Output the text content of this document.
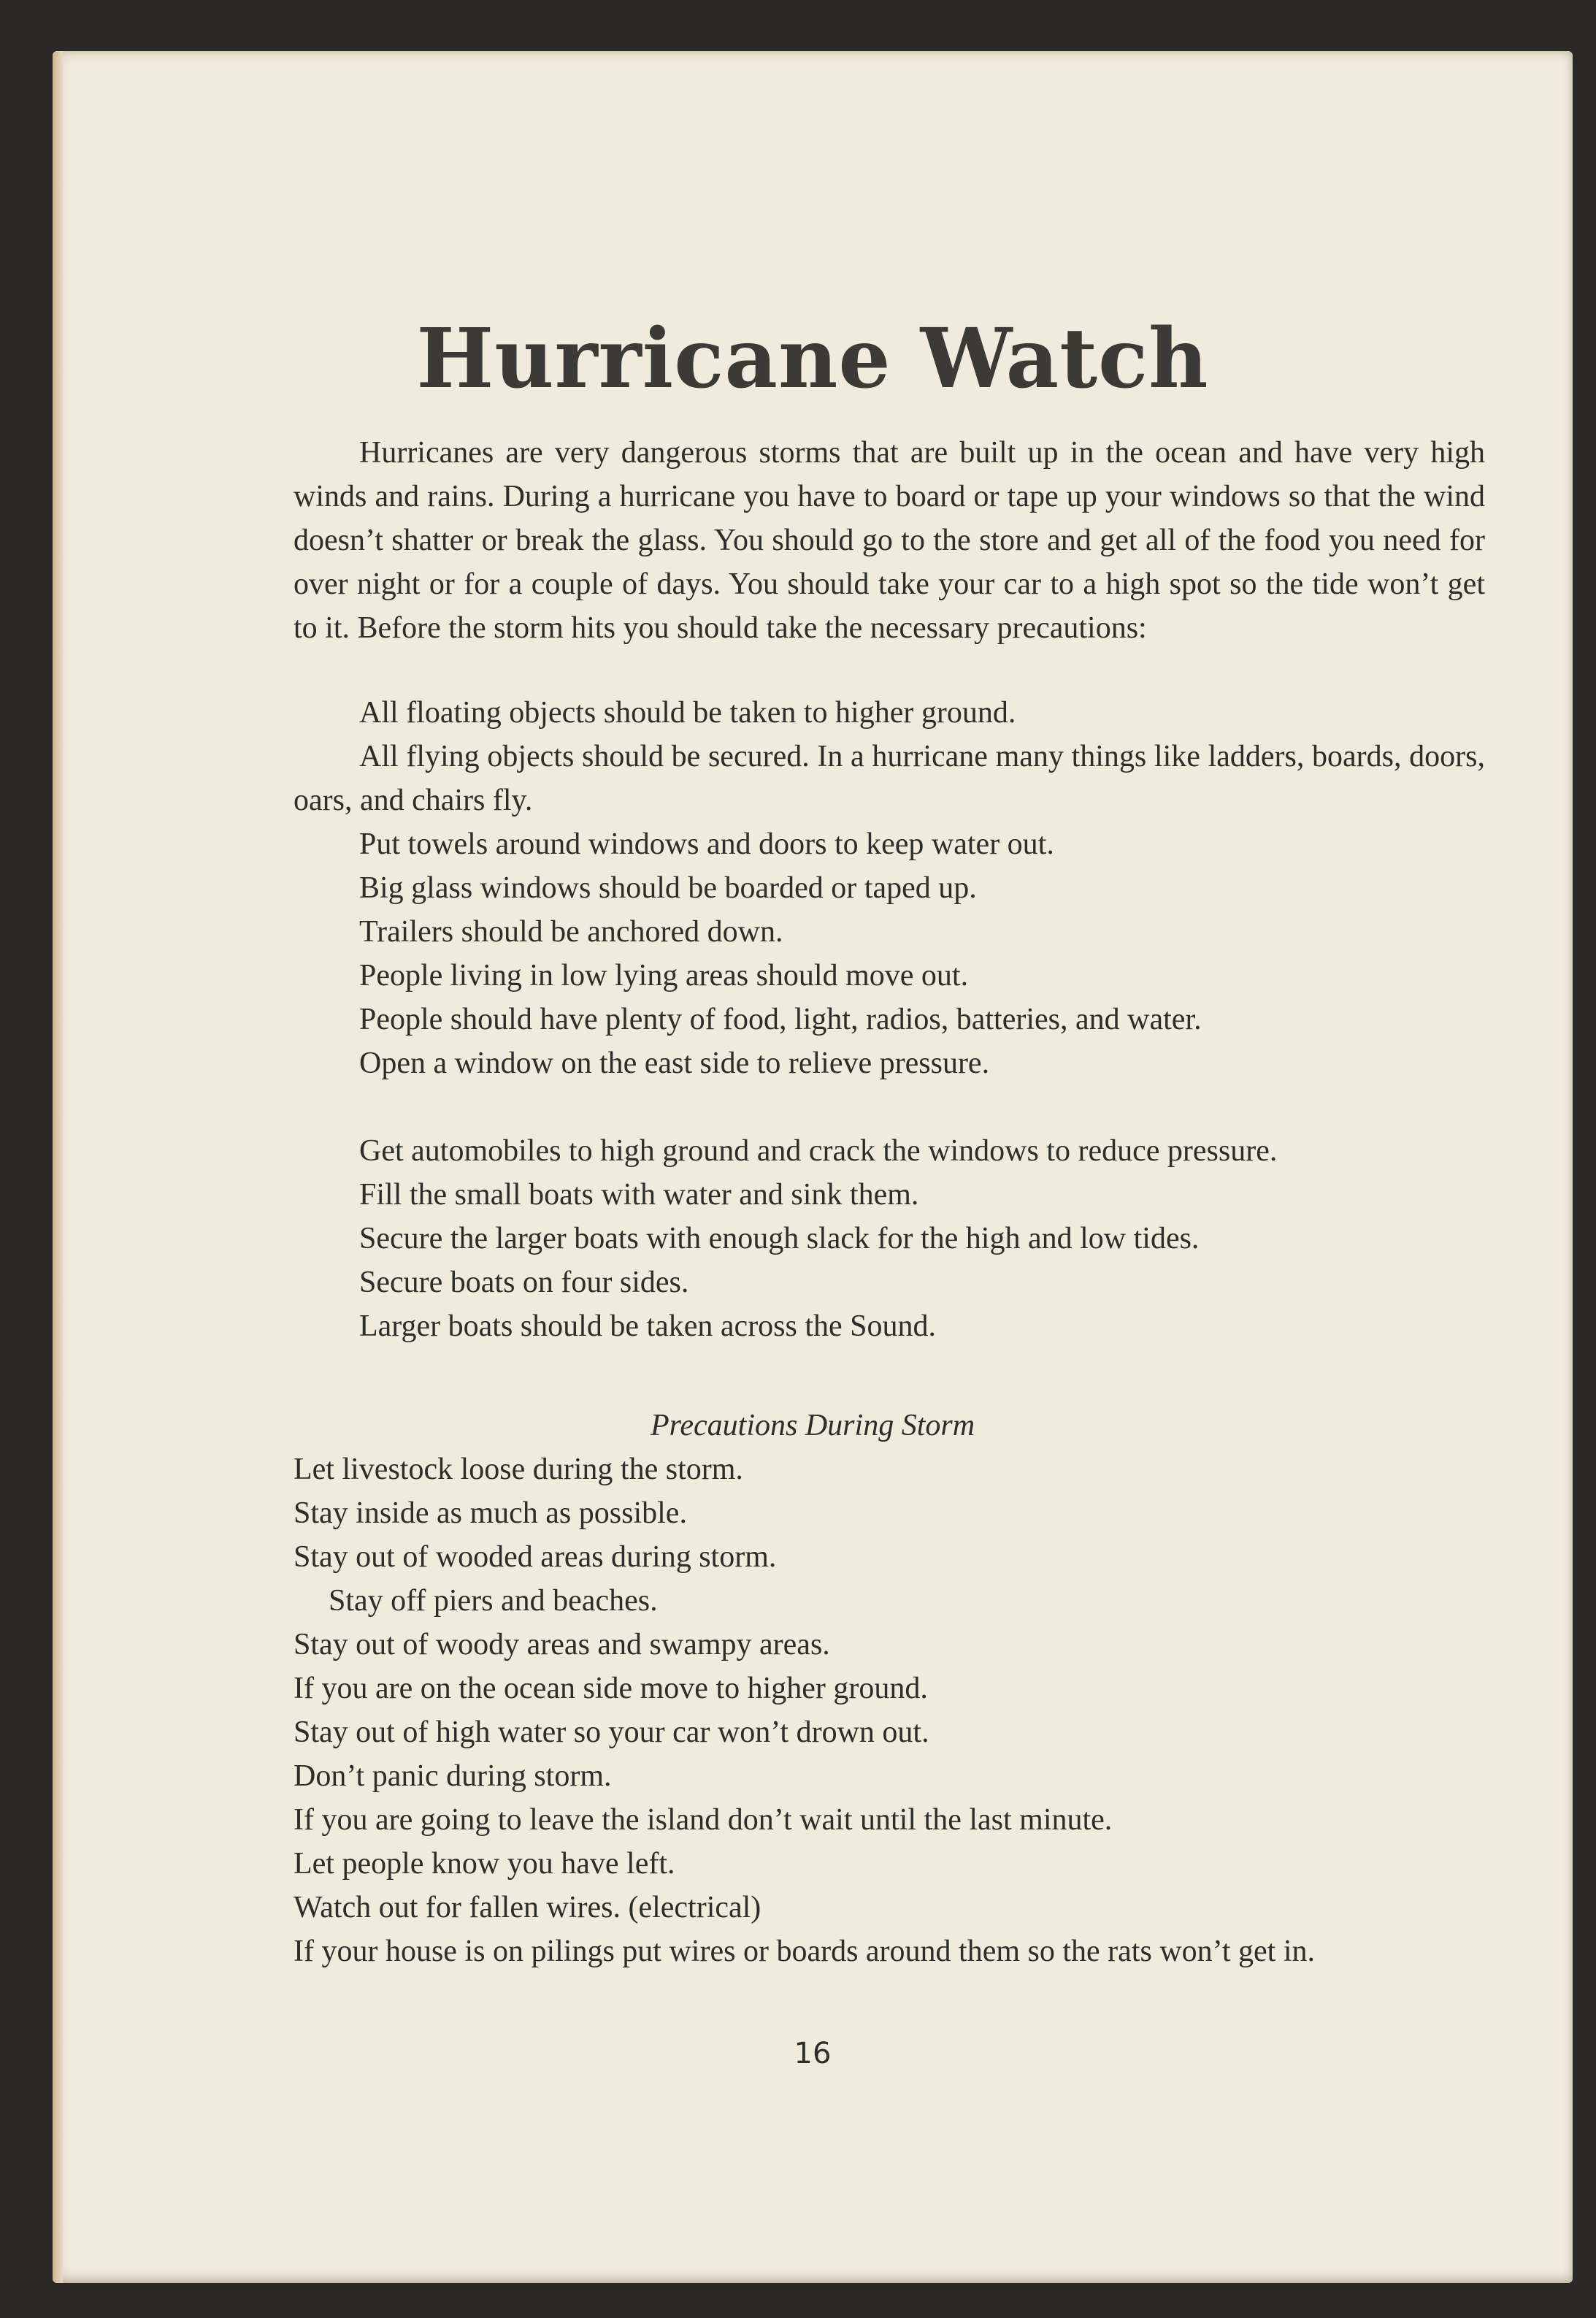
Hurricane Watch

Hurricanes are very dangerous storms that are built up in the ocean and have very high winds and rains. During a hurricane you have to board or tape up your windows so that the wind doesn’t shatter or break the glass. You should go to the store and get all of the food you need for over night or for a couple of days. You should take your car to a high spot so the tide won’t get to it. Before the storm hits you should take the necessary precautions:

All floating objects should be taken to higher ground.

All flying objects should be secured. In a hurricane many things like ladders, boards, doors, oars, and chairs fly.

Put towels around windows and doors to keep water out.
Big glass windows should be boarded or taped up.
Trailers should be anchored down.
People living in low lying areas should move out.
People should have plenty of food, light, radios, batteries, and water.
Open a window on the east side to relieve pressure.
Get automobiles to high ground and crack the windows to reduce pressure.
Fill the small boats with water and sink them.
Secure the larger boats with enough slack for the high and low tides.
Secure boats on four sides.
Larger boats should be taken across the Sound.

Precautions During Storm

Let livestock loose during the storm.
Stay inside as much as possible.
Stay out of wooded areas during storm.
Stay off piers and beaches.
Stay out of woody areas and swampy areas.
If you are on the ocean side move to higher ground.
Stay out of high water so your car won’t drown out.
Don’t panic during storm.
If you are going to leave the island don’t wait until the last minute.
Let people know you have left.
Watch out for fallen wires. (electrical)
If your house is on pilings put wires or boards around them so the rats won’t get in.

16
